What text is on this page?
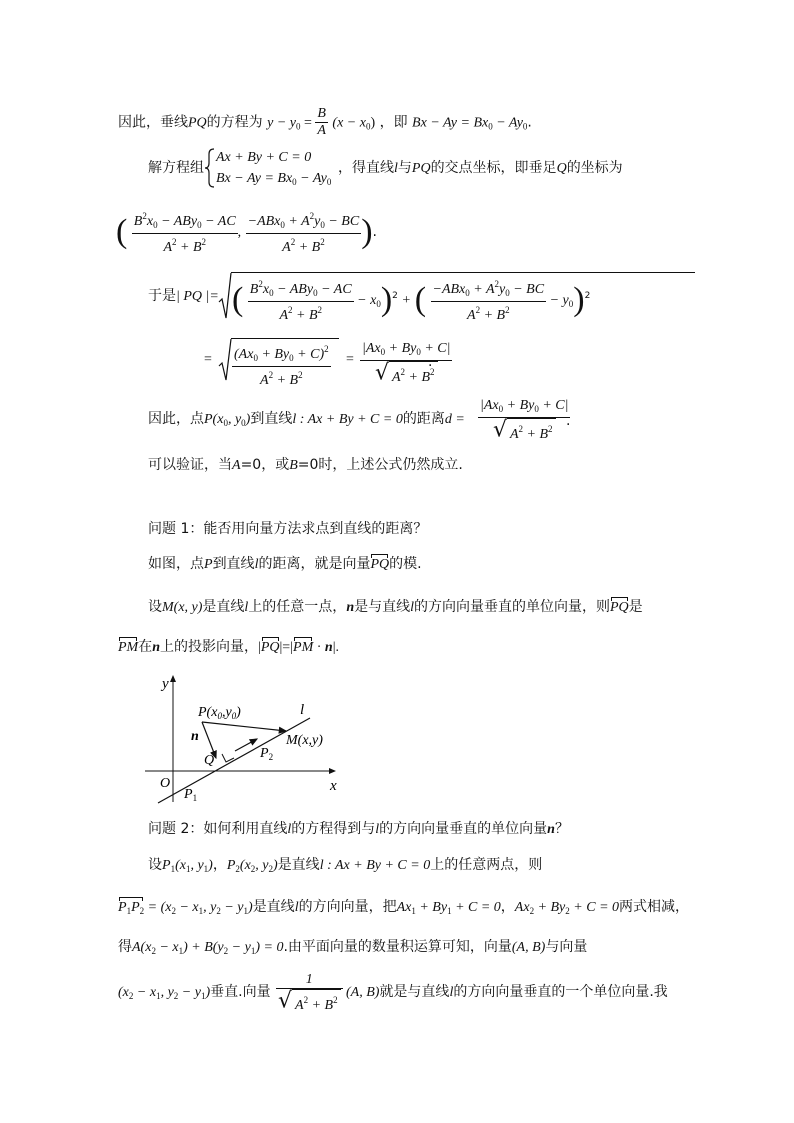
因此，垂线PQ的方程为 $y - y_0 = \frac{B}{A} (x - x_0)$ ，即 $Bx - Ay = Bx_0 - Ay_0$.
解方程组
Ax + By + C = 0
$Bx - Ay = Bx_0 - Ay_0$
，得直线l与PQ的交点坐标，即垂足Q的坐标为
( $\frac{B^2x_0 - ABy_0 - AC}{A^2 + B^2}$ , $\frac{-ABx_0 + A^2y_0 - BC}{A^2 + B^2}$ ).
于是| PQ |= ( $\frac{B^2x_0 - ABy_0 - AC}{A^2 + B^2} - x_0)^2$ + ( $\frac{-ABx_0 + A^2y_0 - BC}{A^2 + B^2} - y_0)^2$
= $\frac{(Ax_0 + By_0 + C)^2}{A^2 + B^2} = \frac{|Ax_0 + By_0 + C|}{√ A^2 + B^2}$
.
因此，点$P(x_0$, $y_0$)到直线l : Ax + By + C = 0的距离$d = \frac{|Ax_0 + By_0 + C|}{√ A^2 + B^2}$
.
可以验证，当A=0，或B=0时，上述公式仍然成立.
问题 1：能否用向量方法求点到直线的距离？
如图，点P到直线l的距离，就是向量PQ的模.
设M(x, y)是直线l上的任意一点，n是与直线l的方向向量垂直的单位向量，则PQ是
PM在n上的投影向量，|PQ|=|PM · n|.
y
x
O
l
$P(x_0,y_0)$
n
Q
M(x,y)
$P_2$
$P_1$
问题 2：如何利用直线l的方程得到与l的方向向量垂直的单位向量n？
设$P_1(x_1$, $y_1$)，$P_2(x_2$, $y_2$)是直线l : Ax + By + C = 0上的任意两点，则
$P_1P_2 = (x_2 - x_1$, $y_2 - y_1$)是直线l的方向向量，把$Ax_1 + By_1 + C = 0$，$Ax_2 + By_2 + C = 0$两式相减，
得$A(x_2 - x_1) + B(y_2 - y_1) = 0$.由平面向量的数量积运算可知，向量(A, B)与向量
($x_2 - x_1$, $y_2 - y_1$)垂直.向量 $\frac{1}{√ A^2 + B^2} (A$, B)就是与直线l的方向向量垂直的一个单位向量.我
